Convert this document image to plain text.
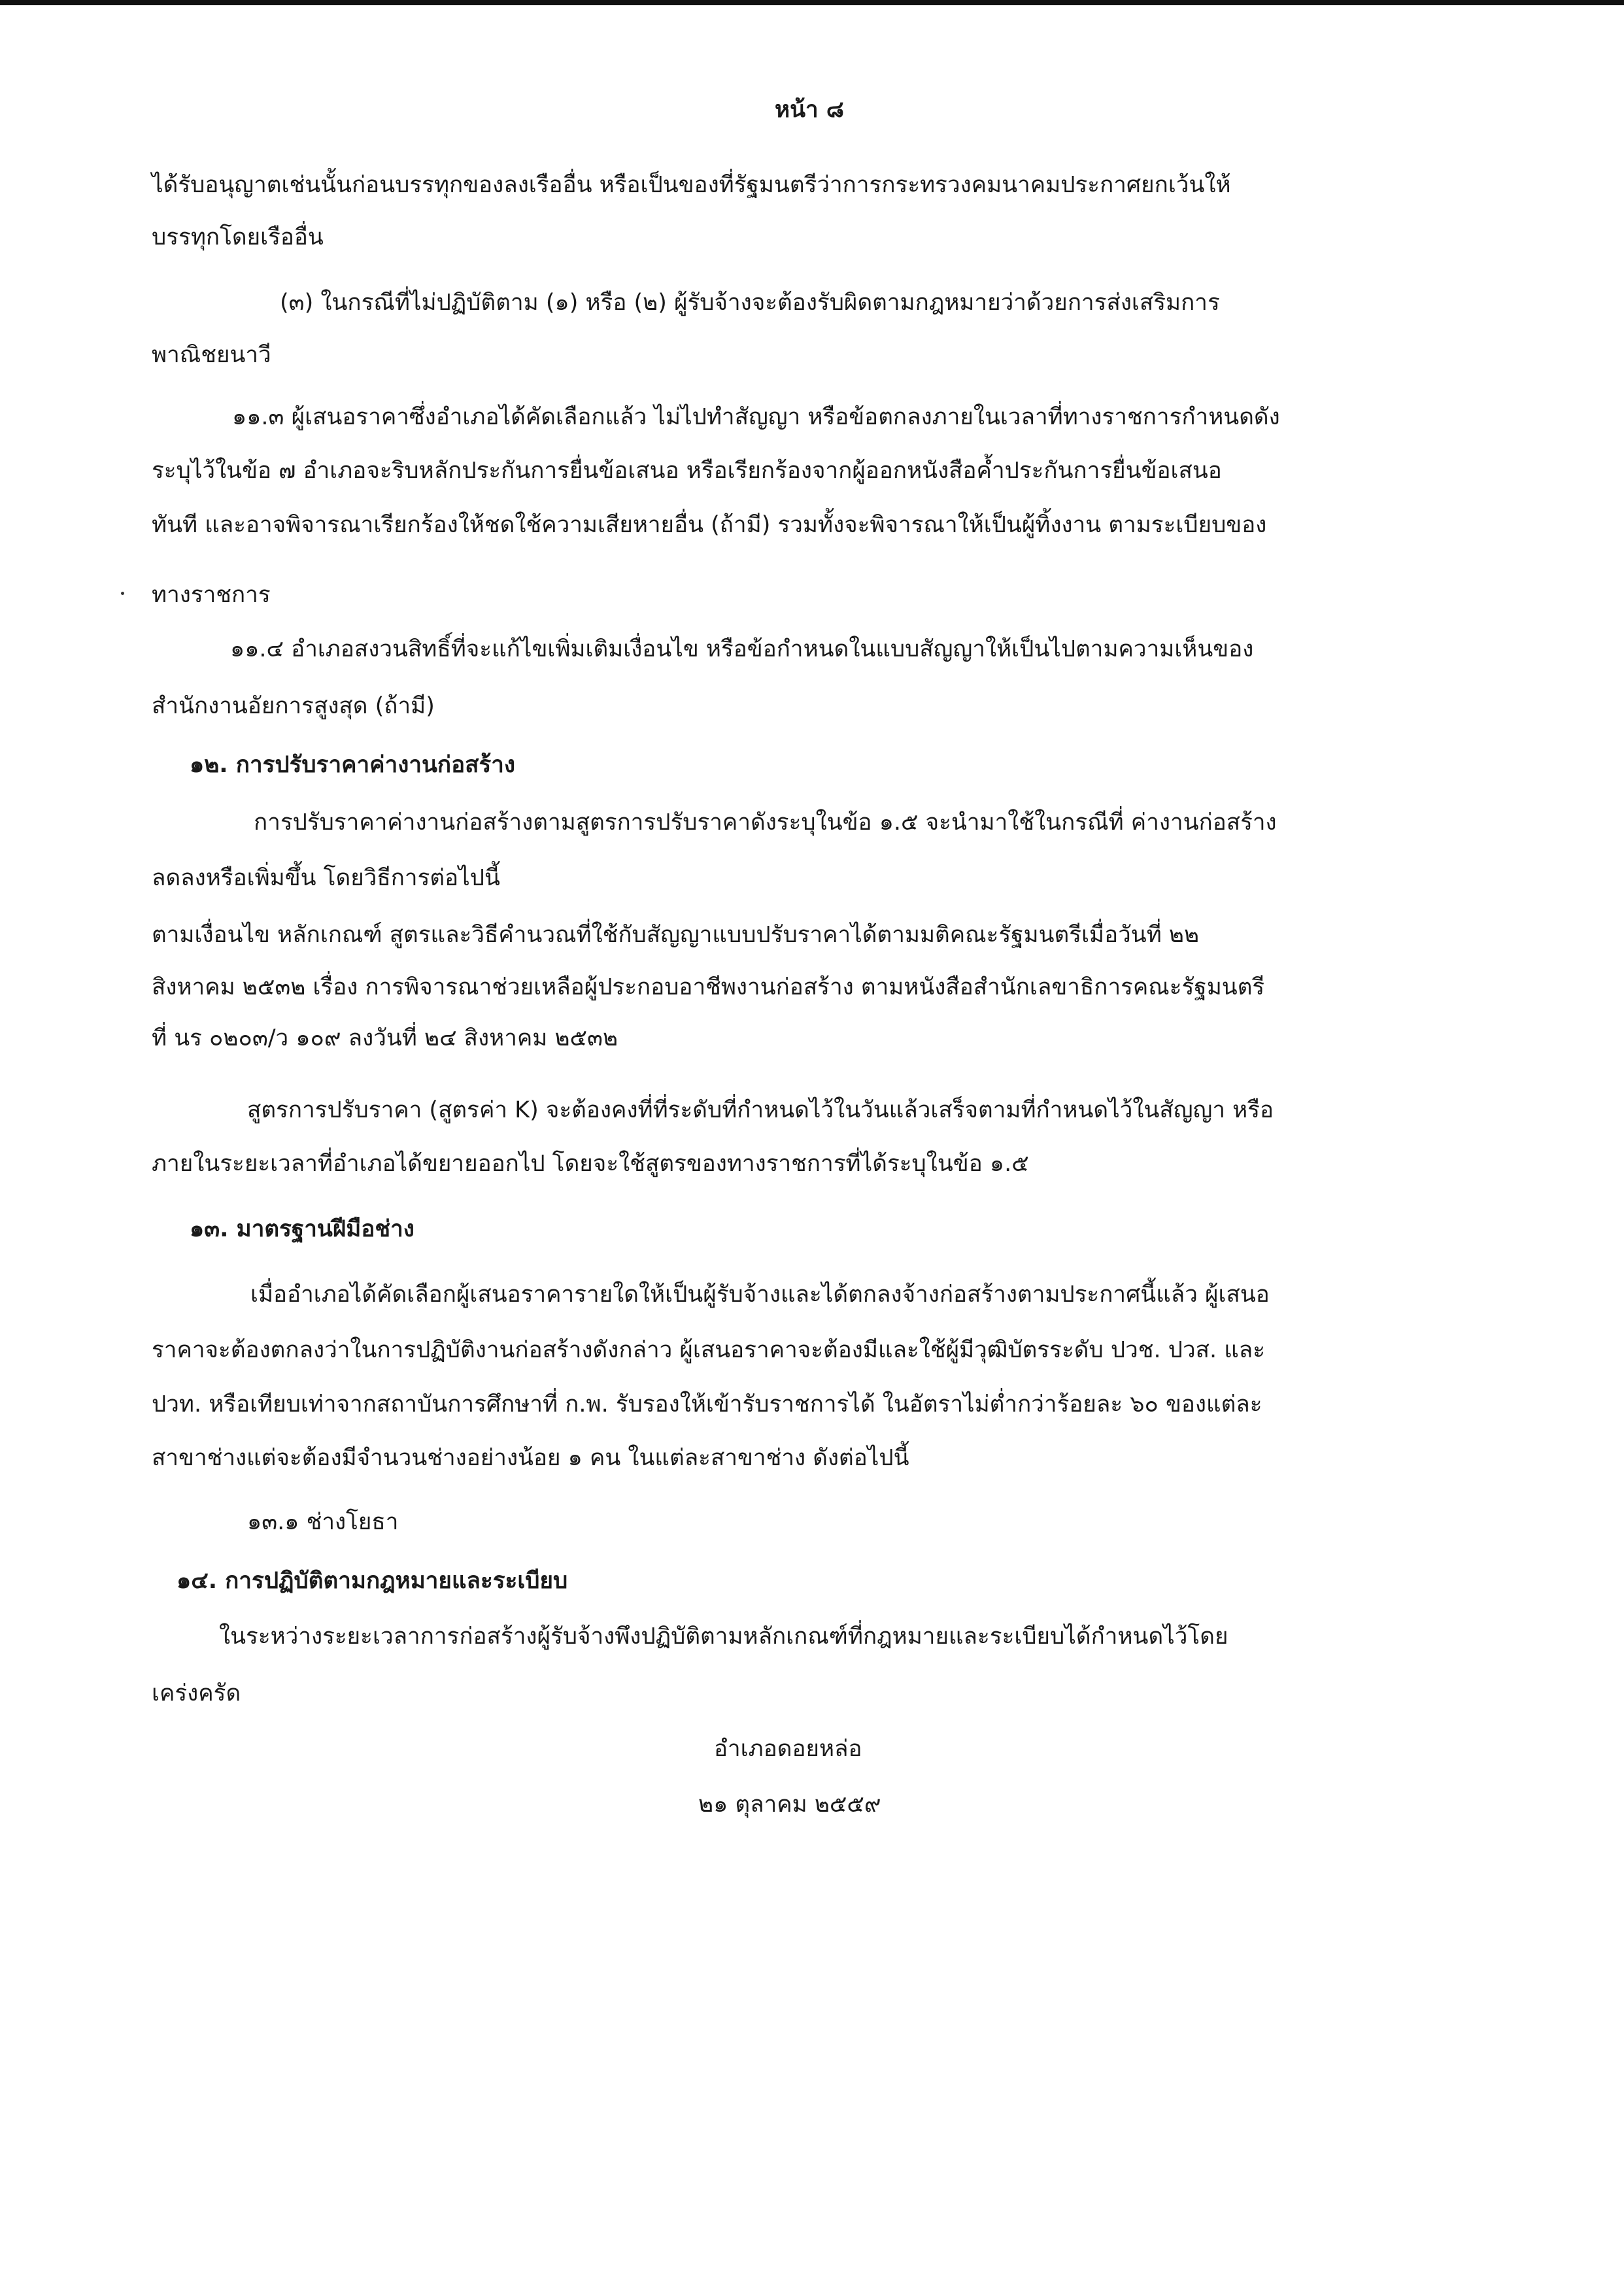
หน้า ๘

ได้รับอนุญาตเช่นนั้นก่อนบรรทุกของลงเรืออื่น หรือเป็นของที่รัฐมนตรีว่าการกระทรวงคมนาคมประกาศยกเว้นให้

บรรทุกโดยเรืออื่น

(๓) ในกรณีที่ไม่ปฏิบัติตาม (๑) หรือ (๒) ผู้รับจ้างจะต้องรับผิดตามกฎหมายว่าด้วยการส่งเสริมการ

พาณิชยนาวี

๑๑.๓ ผู้เสนอราคาซึ่งอำเภอได้คัดเลือกแล้ว ไม่ไปทำสัญญา หรือข้อตกลงภายในเวลาที่ทางราชการกำหนดดัง

ระบุไว้ในข้อ ๗ อำเภอจะริบหลักประกันการยื่นข้อเสนอ หรือเรียกร้องจากผู้ออกหนังสือค้ำประกันการยื่นข้อเสนอ

ทันที และอาจพิจารณาเรียกร้องให้ชดใช้ความเสียหายอื่น (ถ้ามี) รวมทั้งจะพิจารณาให้เป็นผู้ทิ้งงาน ตามระเบียบของ

ทางราชการ

๑๑.๔ อำเภอสงวนสิทธิ์ที่จะแก้ไขเพิ่มเติมเงื่อนไข หรือข้อกำหนดในแบบสัญญาให้เป็นไปตามความเห็นของ

สำนักงานอัยการสูงสุด (ถ้ามี)

๑๒. การปรับราคาค่างานก่อสร้าง

การปรับราคาค่างานก่อสร้างตามสูตรการปรับราคาดังระบุในข้อ ๑.๕ จะนำมาใช้ในกรณีที่ ค่างานก่อสร้าง

ลดลงหรือเพิ่มขึ้น โดยวิธีการต่อไปนี้

ตามเงื่อนไข หลักเกณฑ์ สูตรและวิธีคำนวณที่ใช้กับสัญญาแบบปรับราคาได้ตามมติคณะรัฐมนตรีเมื่อวันที่ ๒๒

สิงหาคม ๒๕๓๒ เรื่อง การพิจารณาช่วยเหลือผู้ประกอบอาชีพงานก่อสร้าง ตามหนังสือสำนักเลขาธิการคณะรัฐมนตรี

ที่ นร ๐๒๐๓/ว ๑๐๙ ลงวันที่ ๒๔ สิงหาคม ๒๕๓๒

สูตรการปรับราคา (สูตรค่า K) จะต้องคงที่ที่ระดับที่กำหนดไว้ในวันแล้วเสร็จตามที่กำหนดไว้ในสัญญา หรือ

ภายในระยะเวลาที่อำเภอได้ขยายออกไป โดยจะใช้สูตรของทางราชการที่ได้ระบุในข้อ ๑.๕

๑๓. มาตรฐานฝีมือช่าง

เมื่ออำเภอได้คัดเลือกผู้เสนอราคารายใดให้เป็นผู้รับจ้างและได้ตกลงจ้างก่อสร้างตามประกาศนี้แล้ว ผู้เสนอ

ราคาจะต้องตกลงว่าในการปฏิบัติงานก่อสร้างดังกล่าว ผู้เสนอราคาจะต้องมีและใช้ผู้มีวุฒิบัตรระดับ ปวช. ปวส. และ

ปวท. หรือเทียบเท่าจากสถาบันการศึกษาที่ ก.พ. รับรองให้เข้ารับราชการได้ ในอัตราไม่ต่ำกว่าร้อยละ ๖๐ ของแต่ละ

สาขาช่างแต่จะต้องมีจำนวนช่างอย่างน้อย ๑ คน ในแต่ละสาขาช่าง ดังต่อไปนี้

๑๓.๑ ช่างโยธา

๑๔. การปฏิบัติตามกฎหมายและระเบียบ

ในระหว่างระยะเวลาการก่อสร้างผู้รับจ้างพึงปฏิบัติตามหลักเกณฑ์ที่กฎหมายและระเบียบได้กำหนดไว้โดย

เคร่งครัด

อำเภอดอยหล่อ

๒๑ ตุลาคม ๒๕๕๙
